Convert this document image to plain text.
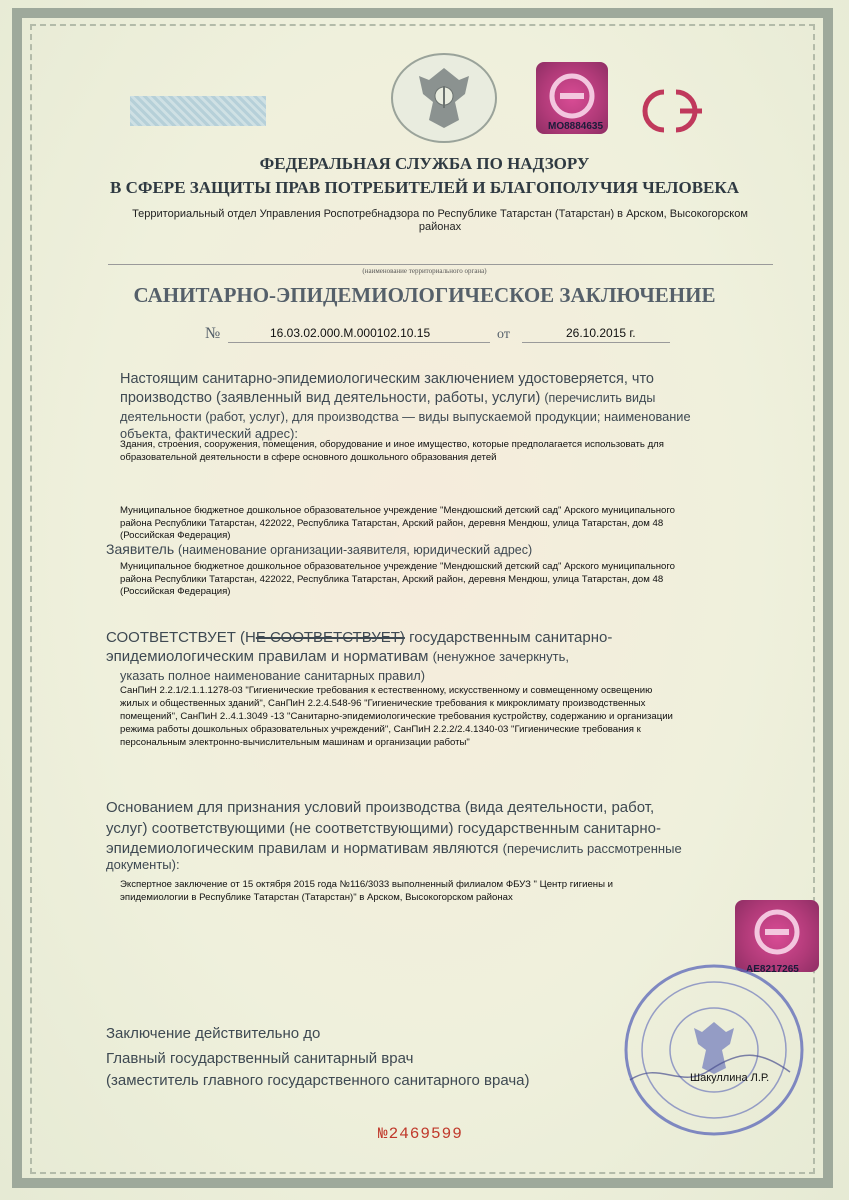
МО8884635
ФЕДЕРАЛЬНАЯ СЛУЖБА ПО НАДЗОРУ
В СФЕРЕ ЗАЩИТЫ ПРАВ ПОТРЕБИТЕЛЕЙ И БЛАГОПОЛУЧИЯ ЧЕЛОВЕКА
Территориальный отдел Управления Роспотребнадзора по Республике Татарстан (Татарстан) в Арском, Высокогорском
районах
(наименование территориального органа)
САНИТАРНО-ЭПИДЕМИОЛОГИЧЕСКОЕ ЗАКЛЮЧЕНИЕ
№	16.03.02.000.М.000102.10.15	от	26.10.2015 г.
Настоящим санитарно-эпидемиологическим заключением удостоверяется, что
производство (заявленный вид деятельности, работы, услуги) (перечислить виды
деятельности (работ, услуг), для производства — виды выпускаемой продукции; наименование
объекта, фактический адрес):
Здания, строения, сооружения, помещения, оборудование и иное имущество, которые предполагается использовать для
образовательной деятельности в сфере основного дошкольного образования детей
Муниципальное бюджетное дошкольное образовательное учреждение "Мендюшский детский сад" Арского муниципального
района Республики Татарстан, 422022, Республика Татарстан, Арский район, деревня Мендюш, улица Татарстан, дом 48
(Российская Федерация)
Заявитель (наименование организации-заявителя, юридический адрес)
Муниципальное бюджетное дошкольное образовательное учреждение "Мендюшский детский сад" Арского муниципального
района Республики Татарстан, 422022, Республика Татарстан, Арский район, деревня Мендюш, улица Татарстан, дом 48
(Российская Федерация)
СООТВЕТСТВУЕТ (НЕ СООТВЕТСТВУЕТ) государственным санитарно-
эпидемиологическим правилам и нормативам (ненужное зачеркнуть,
указать полное наименование санитарных правил)
СанПиН 2.2.1/2.1.1.1278-03 "Гигиенические требования к естественному, искусственному и совмещенному освещению
жилых и общественных зданий", СанПиН 2.2.4.548-96 "Гигиенические требования к микроклимату производственных
помещений", СанПиН 2..4.1.3049 -13 "Санитарно-эпидемиологические требования кустройству, содержанию и организации
режима работы дошкольных образовательных учреждений", СанПиН 2.2.2/2.4.1340-03 "Гигиенические требования к
персональным электронно-вычислительным машинам и организации работы"
Основанием для признания условий производства (вида деятельности, работ,
услуг) соответствующими (не соответствующими) государственным санитарно-
эпидемиологическим правилам и нормативам являются (перечислить рассмотренные
документы):
Экспертное заключение от 15 октября 2015 года №116/3033 выполненный филиалом ФБУЗ " Центр гигиены и
эпидемиологии в Республике Татарстан (Татарстан)" в Арском, Высокогорском районах
АЕ8217265
Заключение действительно до
Главный государственный санитарный врач
(заместитель главного государственного санитарного врача)	Шакуллина Л.Р.
№2469599
